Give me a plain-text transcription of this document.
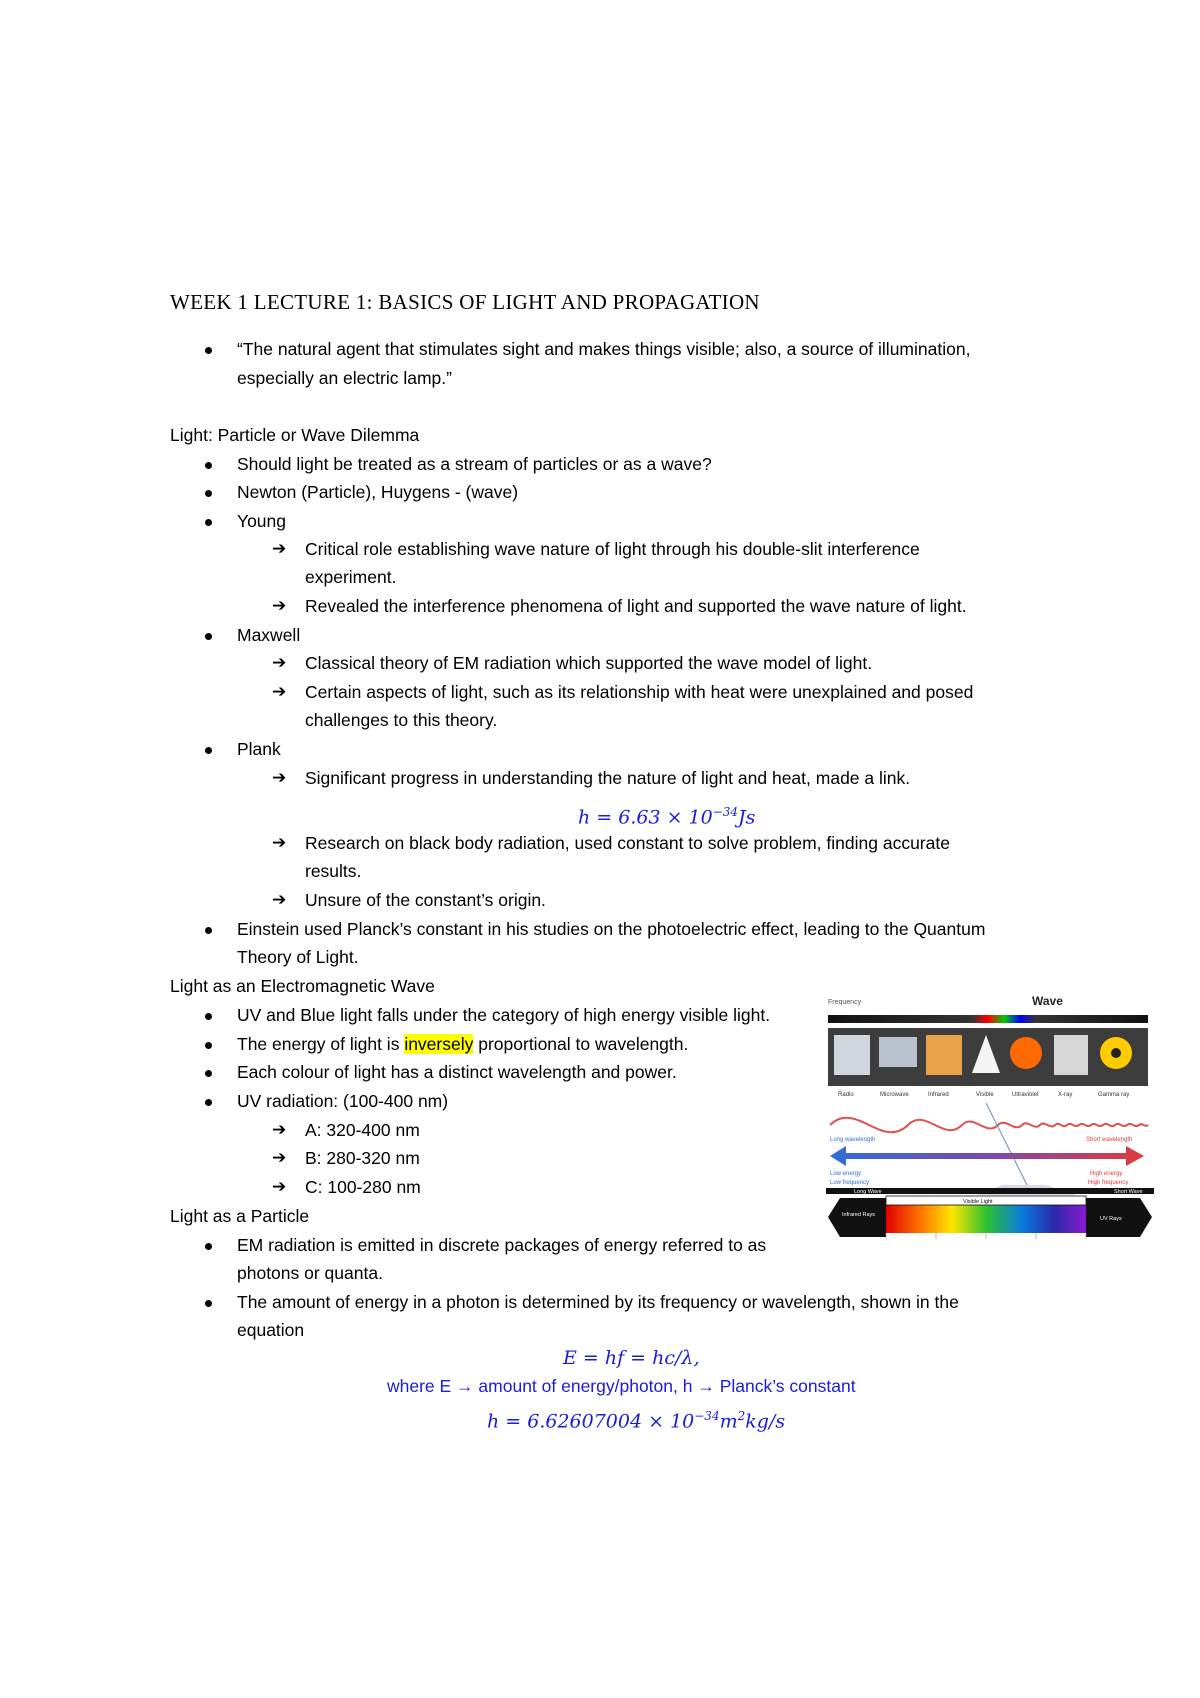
WEEK 1 LECTURE 1: BASICS OF LIGHT AND PROPAGATION
“The natural agent that stimulates sight and makes things visible; also, a source of illumination,
especially an electric lamp.”
Light: Particle or Wave Dilemma
Should light be treated as a stream of particles or as a wave?
Newton (Particle), Huygens - (wave)
Young
➔ Critical role establishing wave nature of light through his double-slit interference
experiment.
➔ Revealed the interference phenomena of light and supported the wave nature of light.
Maxwell
➔ Classical theory of EM radiation which supported the wave model of light.
➔ Certain aspects of light, such as its relationship with heat were unexplained and posed
challenges to this theory.
Plank
➔ Significant progress in understanding the nature of light and heat, made a link.
$h = 6.63 \times 10^{-34}Js$
➔ Research on black body radiation, used constant to solve problem, finding accurate
results.
➔ Unsure of the constant’s origin.
Einstein used Planck’s constant in his studies on the photoelectric effect, leading to the Quantum
Theory of Light.
Light as an Electromagnetic Wave
UV and Blue light falls under the category of high energy visible light.
The energy of light is inversely proportional to wavelength.
Each colour of light has a distinct wavelength and power.
UV radiation: (100-400 nm)
➔ A: 320-400 nm
➔ B: 280-320 nm
➔ C: 100-280 nm
Light as a Particle
EM radiation is emitted in discrete packages of energy referred to as
photons or quanta.
The amount of energy in a photon is determined by its frequency or wavelength, shown in the
equation
E = hf = hc/λ,
where E → amount of energy/photon, h → Planck’s constant
$h = 6.62607004 \times 10^{-34}m^2kg/s$
Frequency	Wave
Radio	Microwave	Infrared	Visible	Ultraviolet	X-ray	Gamma ray
Long wavelength
Low energy
Low frequency
Short wavelength
High energy
High frequency
Long Wave	Short Wave
Visible Light
Infrared Rays
UV Rays
